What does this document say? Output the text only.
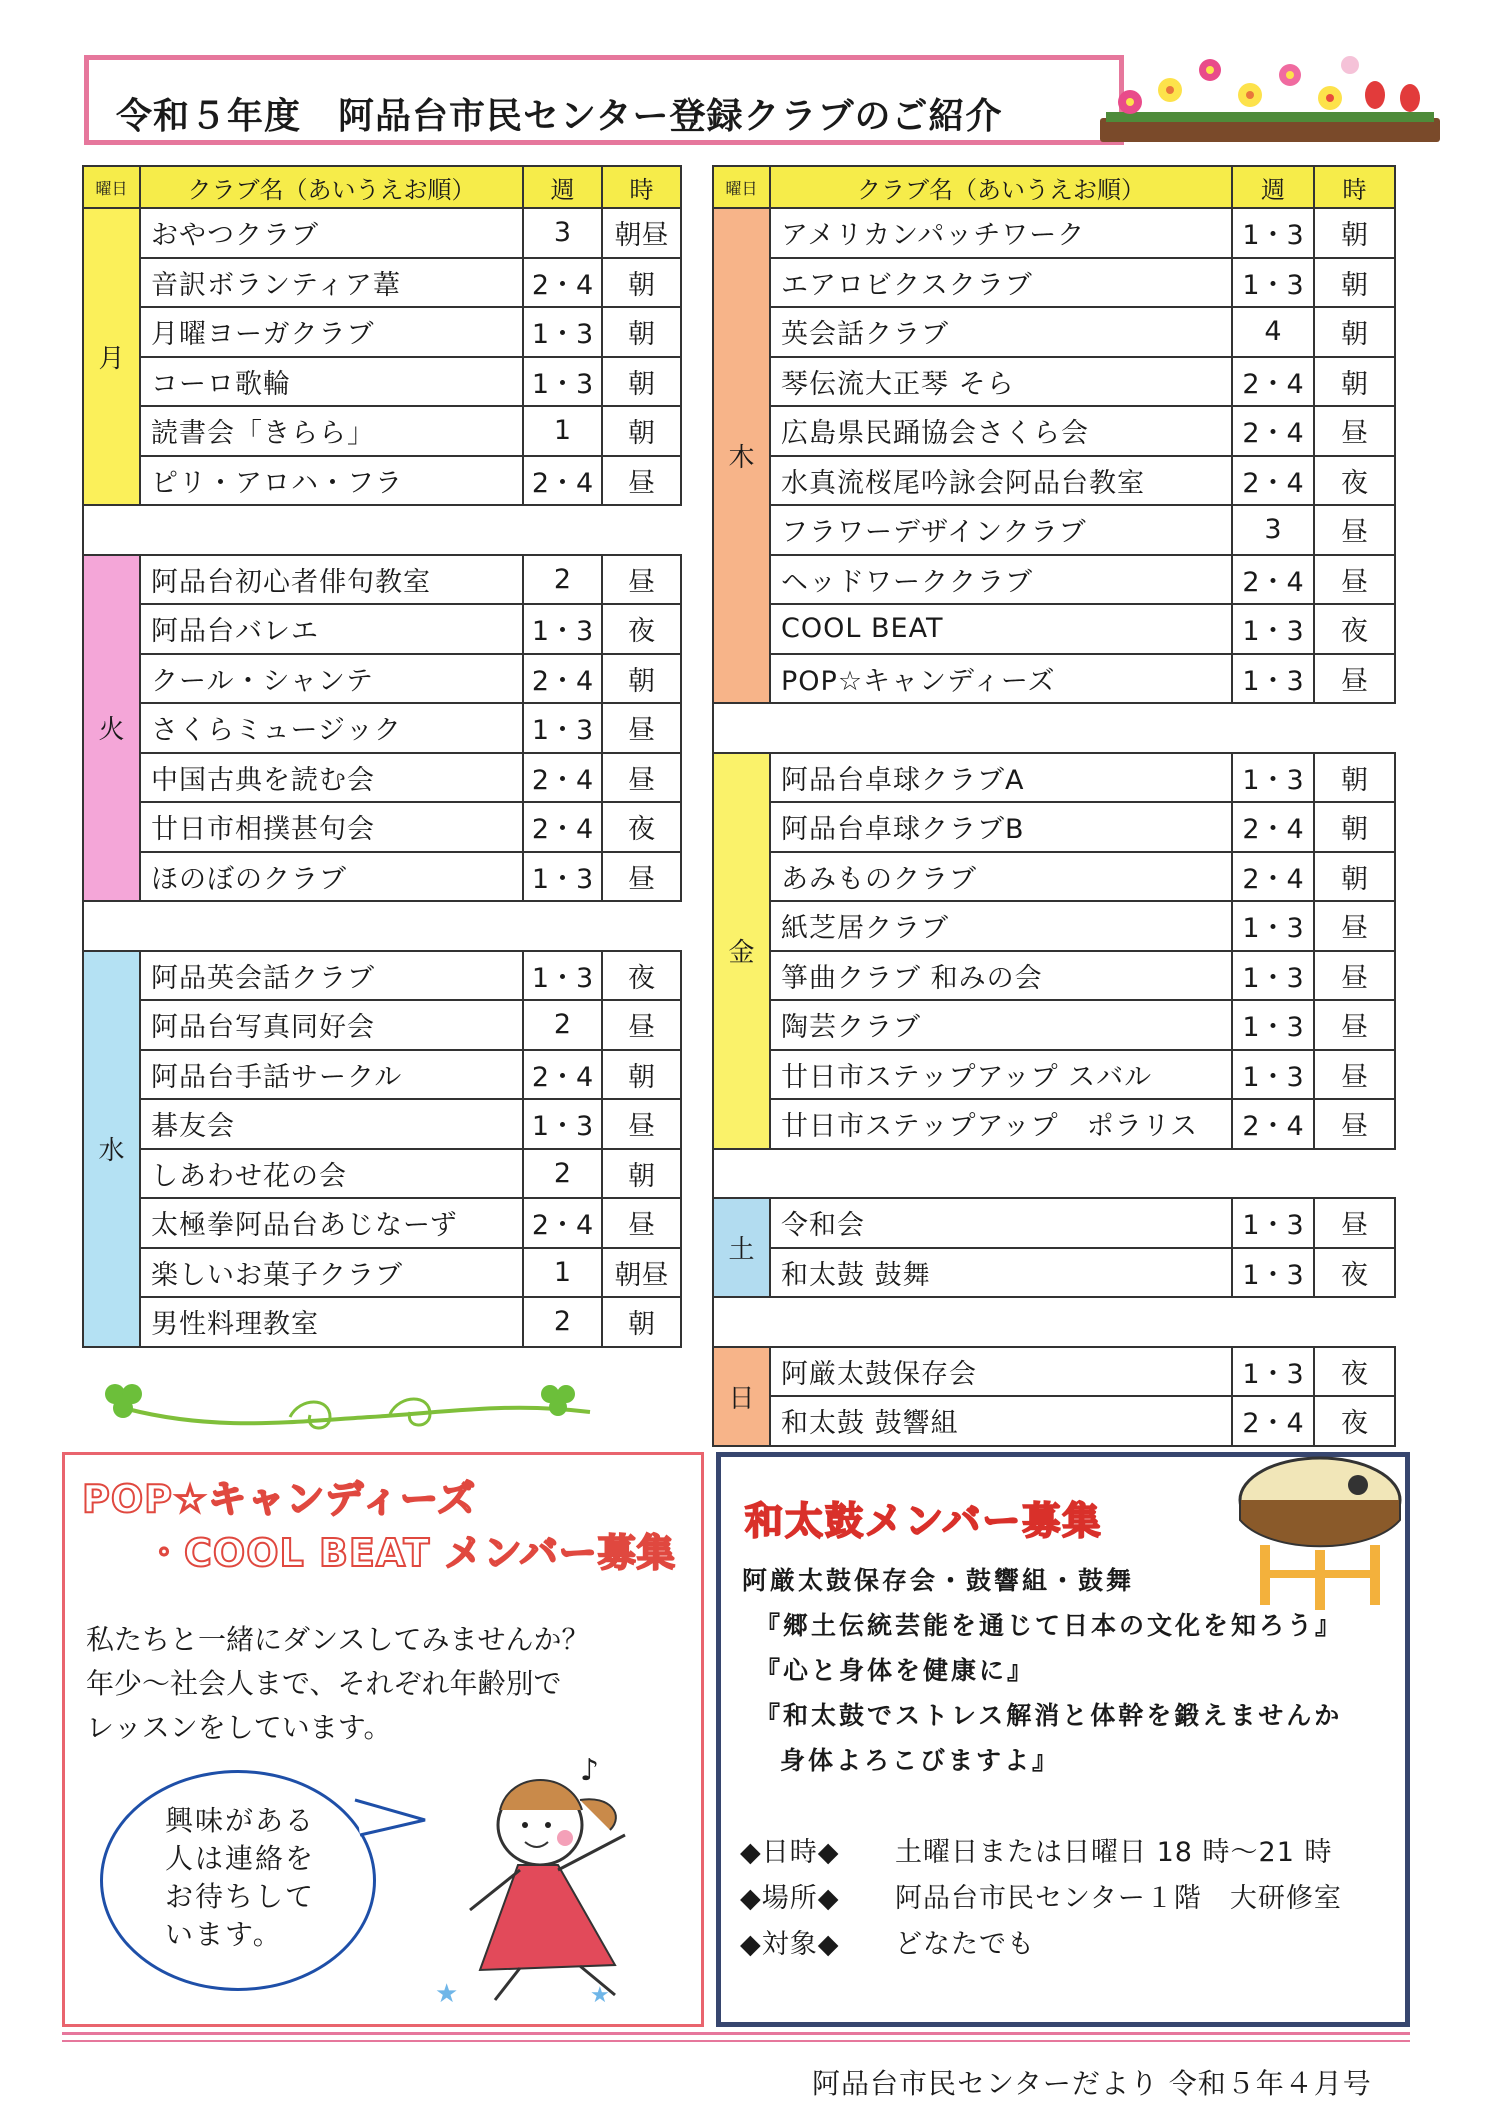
令和５年度　阿品台市民センター登録クラブのご紹介
曜日	クラブ名（あいうえお順）	週	時
月	おやつクラブ	3	朝昼
	音訳ボランティア葦	2・4	朝
	月曜ヨーガクラブ	1・3	朝
	コーロ歌輪	1・3	朝
	読書会「きらら」	1	朝
	ピリ・アロハ・フラ	2・4	昼

火	阿品台初心者俳句教室	2	昼
	阿品台バレエ	1・3	夜
	クール・シャンテ	2・4	朝
	さくらミュージック	1・3	昼
	中国古典を読む会	2・4	昼
	廿日市相撲甚句会	2・4	夜
	ほのぼのクラブ	1・3	昼

水	阿品英会話クラブ	1・3	夜
	阿品台写真同好会	2	昼
	阿品台手話サークル	2・4	朝
	碁友会	1・3	昼
	しあわせ花の会	2	朝
	太極拳阿品台あじなーず	2・4	昼
	楽しいお菓子クラブ	1	朝昼
	男性料理教室	2	朝
曜日	クラブ名（あいうえお順）	週	時
木	アメリカンパッチワーク	1・3	朝
	エアロビクスクラブ	1・3	朝
	英会話クラブ	4	朝
	琴伝流大正琴 そら	2・4	朝
	広島県民踊協会さくら会	2・4	昼
	水真流桜尾吟詠会阿品台教室	2・4	夜
	フラワーデザインクラブ	3	昼
	ヘッドワーククラブ	2・4	昼
	COOL BEAT	1・3	夜
	POP☆キャンディーズ	1・3	昼

金	阿品台卓球クラブA	1・3	朝
	阿品台卓球クラブB	2・4	朝
	あみものクラブ	2・4	朝
	紙芝居クラブ	1・3	昼
	箏曲クラブ 和みの会	1・3	昼
	陶芸クラブ	1・3	昼
	廿日市ステップアップ スバル	1・3	昼
	廿日市ステップアップ　ポラリス	2・4	昼

土	令和会	1・3	昼
	和太鼓 鼓舞	1・3	夜

日	阿厳太鼓保存会	1・3	夜
	和太鼓 鼓響組	2・4	夜
POP☆キャンディーズ
・COOL BEAT メンバー募集
私たちと一緒にダンスしてみませんか？
年少～社会人まで、それぞれ年齢別で
レッスンをしています。
興味がある
人は連絡を
お待ちして
います。
♪
★	★
和太鼓メンバー募集
阿厳太鼓保存会・鼓響組・鼓舞
『郷土伝統芸能を通じて日本の文化を知ろう』
『心と身体を健康に』
『和太鼓でストレス解消と体幹を鍛えませんか
身体よろこびますよ』
◆日時◆ 土曜日または日曜日 18 時～21 時
◆場所◆ 阿品台市民センター１階　大研修室
◆対象◆ どなたでも
阿品台市民センターだより 令和５年４月号
